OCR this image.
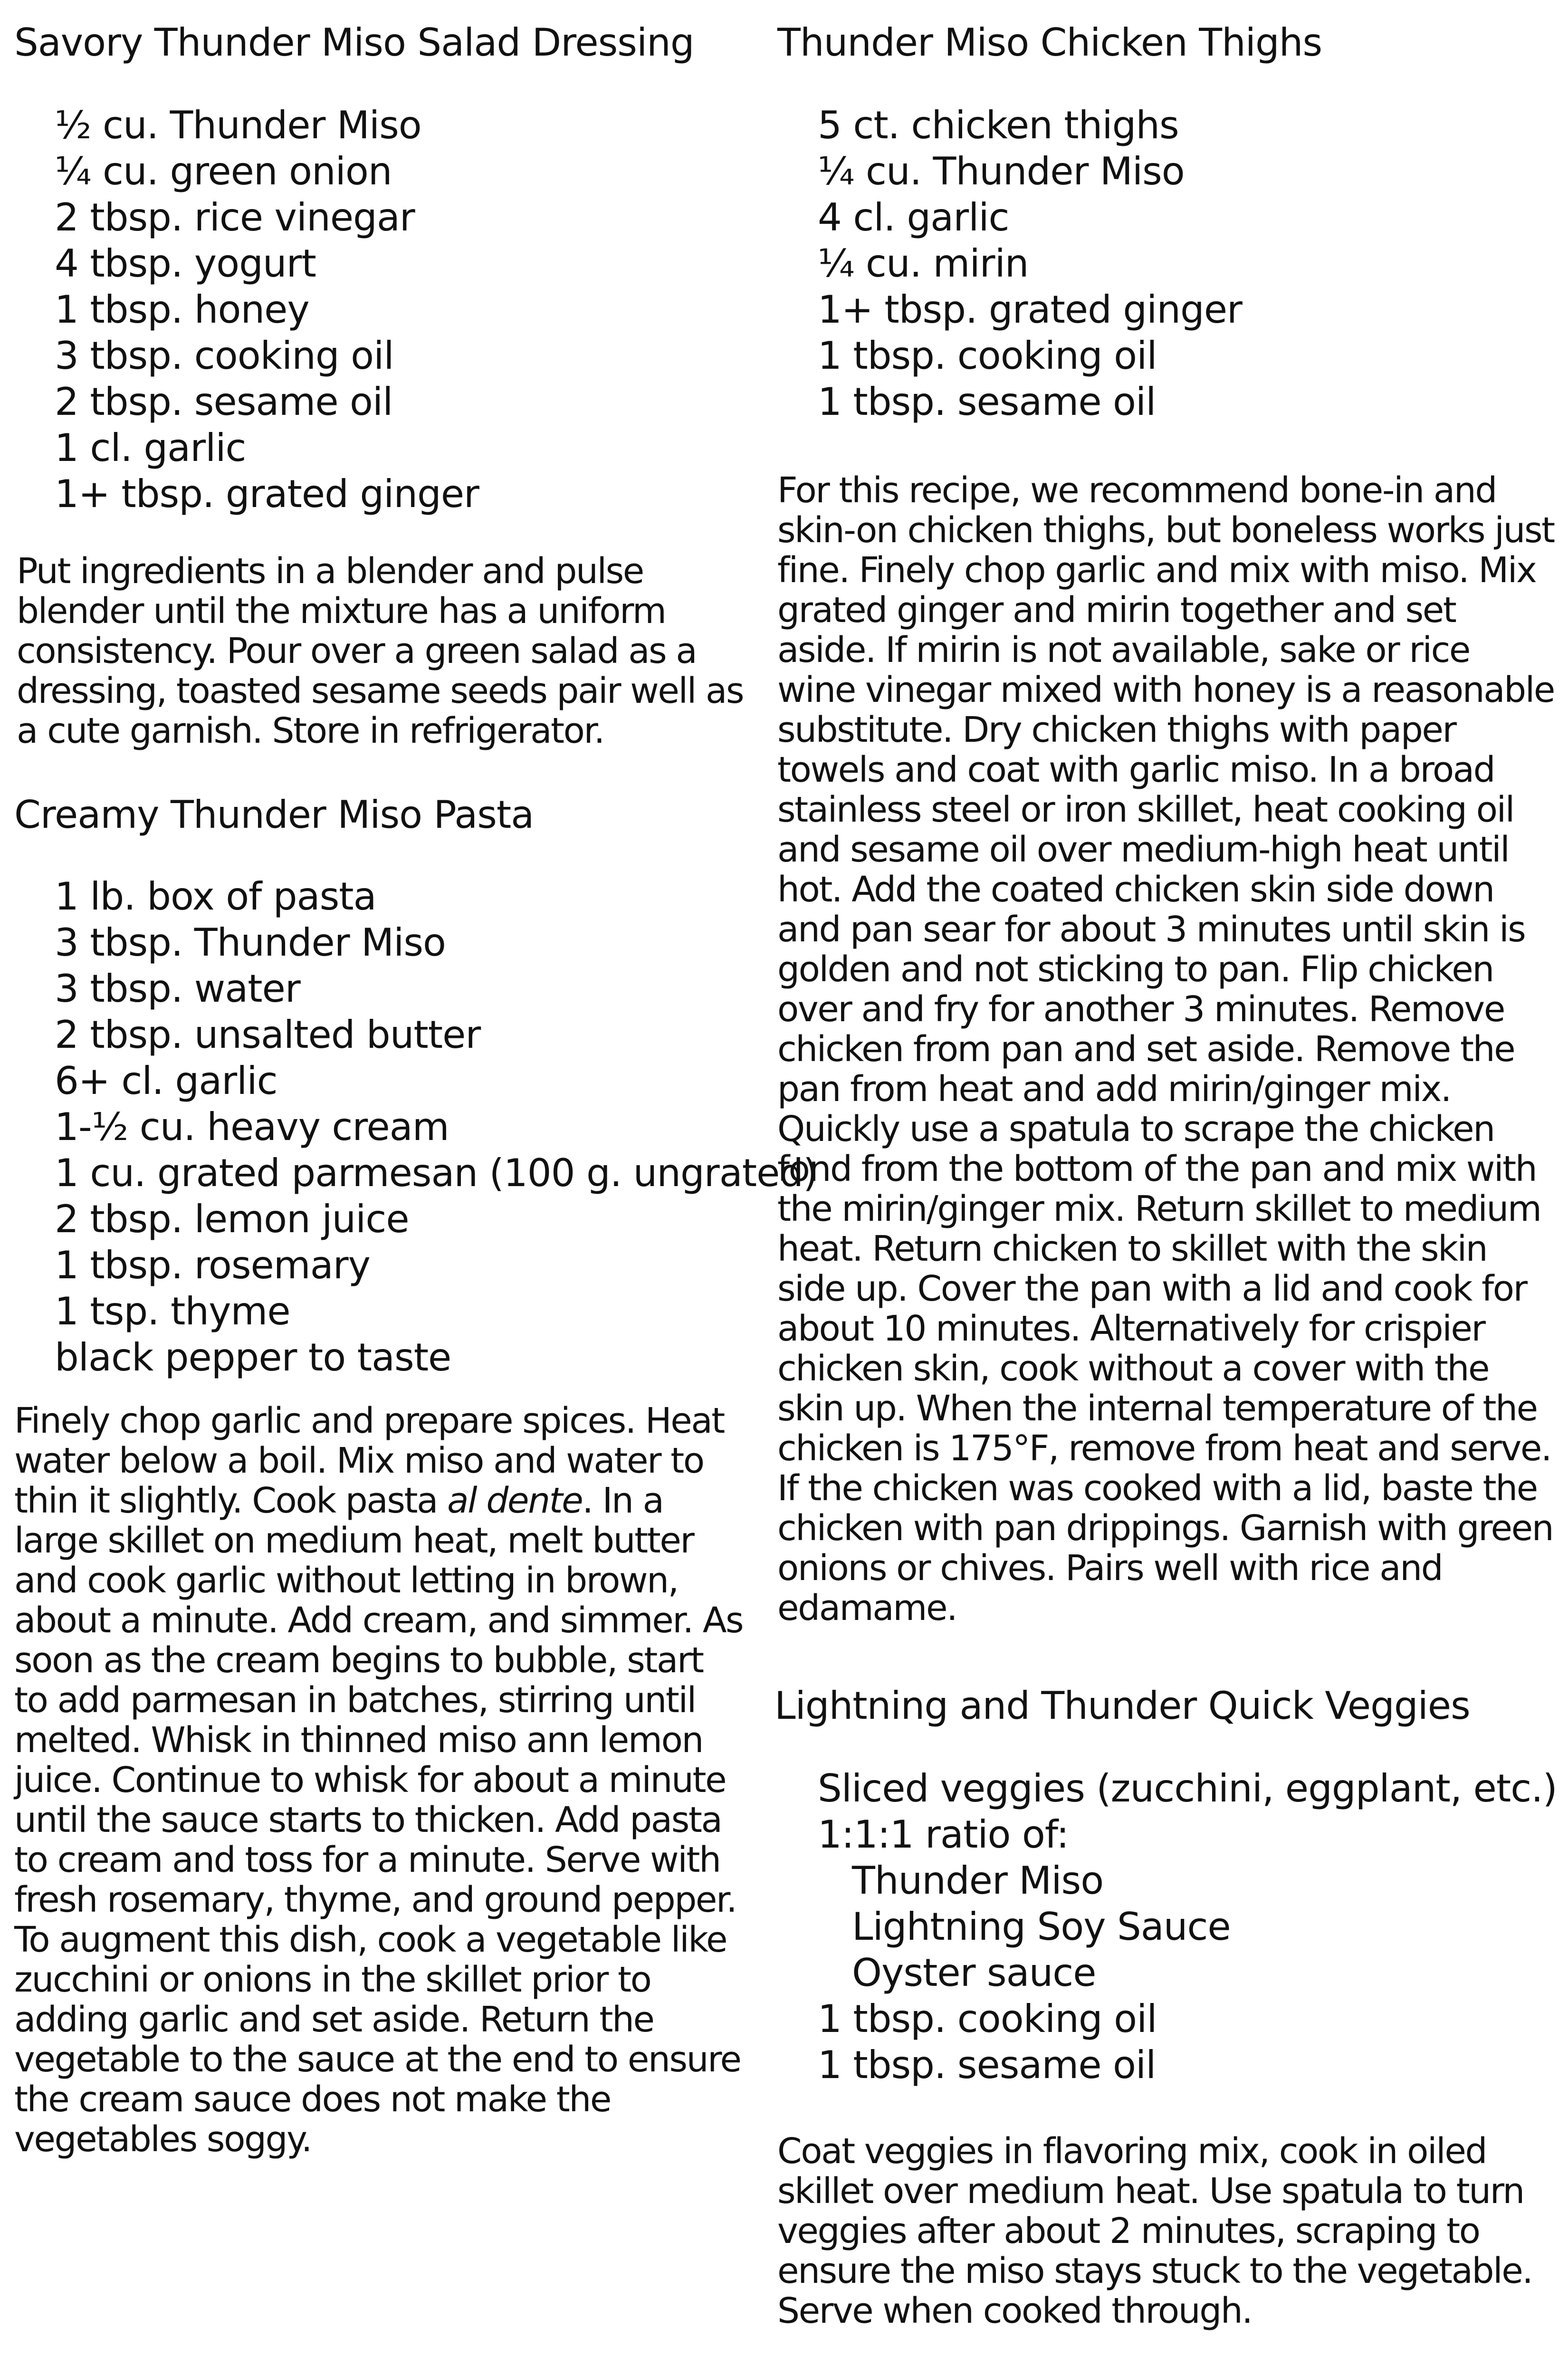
Savory Thunder Miso Salad Dressing
½ cu. Thunder Miso
¼ cu. green onion
2 tbsp. rice vinegar
4 tbsp. yogurt
1 tbsp. honey
3 tbsp. cooking oil
2 tbsp. sesame oil
1 cl. garlic
1+ tbsp. grated ginger

Put ingredients in a blender and pulse blender until the mixture has a uniform consistency. Pour over a green salad as a dressing, toasted sesame seeds pair well as a cute garnish. Store in refrigerator.

Creamy Thunder Miso Pasta
1 lb. box of pasta
3 tbsp. Thunder Miso
3 tbsp. water
2 tbsp. unsalted butter
6+ cl. garlic
1-½ cu. heavy cream
1 cu. grated parmesan (100 g. ungrated)
2 tbsp. lemon juice
1 tbsp. rosemary
1 tsp. thyme
black pepper to taste

Finely chop garlic and prepare spices. Heat water below a boil. Mix miso and water to thin it slightly. Cook pasta al dente. In a large skillet on medium heat, melt butter and cook garlic without letting in brown, about a minute. Add cream, and simmer. As soon as the cream begins to bubble, start to add parmesan in batches, stirring until melted. Whisk in thinned miso ann lemon juice. Continue to whisk for about a minute until the sauce starts to thicken. Add pasta to cream and toss for a minute. Serve with fresh rosemary, thyme, and ground pepper. To augment this dish, cook a vegetable like zucchini or onions in the skillet prior to adding garlic and set aside. Return the vegetable to the sauce at the end to ensure the cream sauce does not make the vegetables soggy.

Thunder Miso Chicken Thighs
5 ct. chicken thighs
¼ cu. Thunder Miso
4 cl. garlic
¼ cu. mirin
1+ tbsp. grated ginger
1 tbsp. cooking oil
1 tbsp. sesame oil

For this recipe, we recommend bone-in and skin-on chicken thighs, but boneless works just fine. Finely chop garlic and mix with miso. Mix grated ginger and mirin together and set aside. If mirin is not available, sake or rice wine vinegar mixed with honey is a reasonable substitute. Dry chicken thighs with paper towels and coat with garlic miso. In a broad stainless steel or iron skillet, heat cooking oil and sesame oil over medium-high heat until hot. Add the coated chicken skin side down and pan sear for about 3 minutes until skin is golden and not sticking to pan. Flip chicken over and fry for another 3 minutes. Remove chicken from pan and set aside. Remove the pan from heat and add mirin/ginger mix. Quickly use a spatula to scrape the chicken fond from the bottom of the pan and mix with the mirin/ginger mix. Return skillet to medium heat. Return chicken to skillet with the skin side up. Cover the pan with a lid and cook for about 10 minutes. Alternatively for crispier chicken skin, cook without a cover with the skin up. When the internal temperature of the chicken is 175°F, remove from heat and serve. If the chicken was cooked with a lid, baste the chicken with pan drippings. Garnish with green onions or chives. Pairs well with rice and edamame.

Lightning and Thunder Quick Veggies
Sliced veggies (zucchini, eggplant, etc.)
1:1:1 ratio of:
Thunder Miso
Lightning Soy Sauce
Oyster sauce
1 tbsp. cooking oil
1 tbsp. sesame oil

Coat veggies in flavoring mix, cook in oiled skillet over medium heat. Use spatula to turn veggies after about 2 minutes, scraping to ensure the miso stays stuck to the vegetable. Serve when cooked through.
